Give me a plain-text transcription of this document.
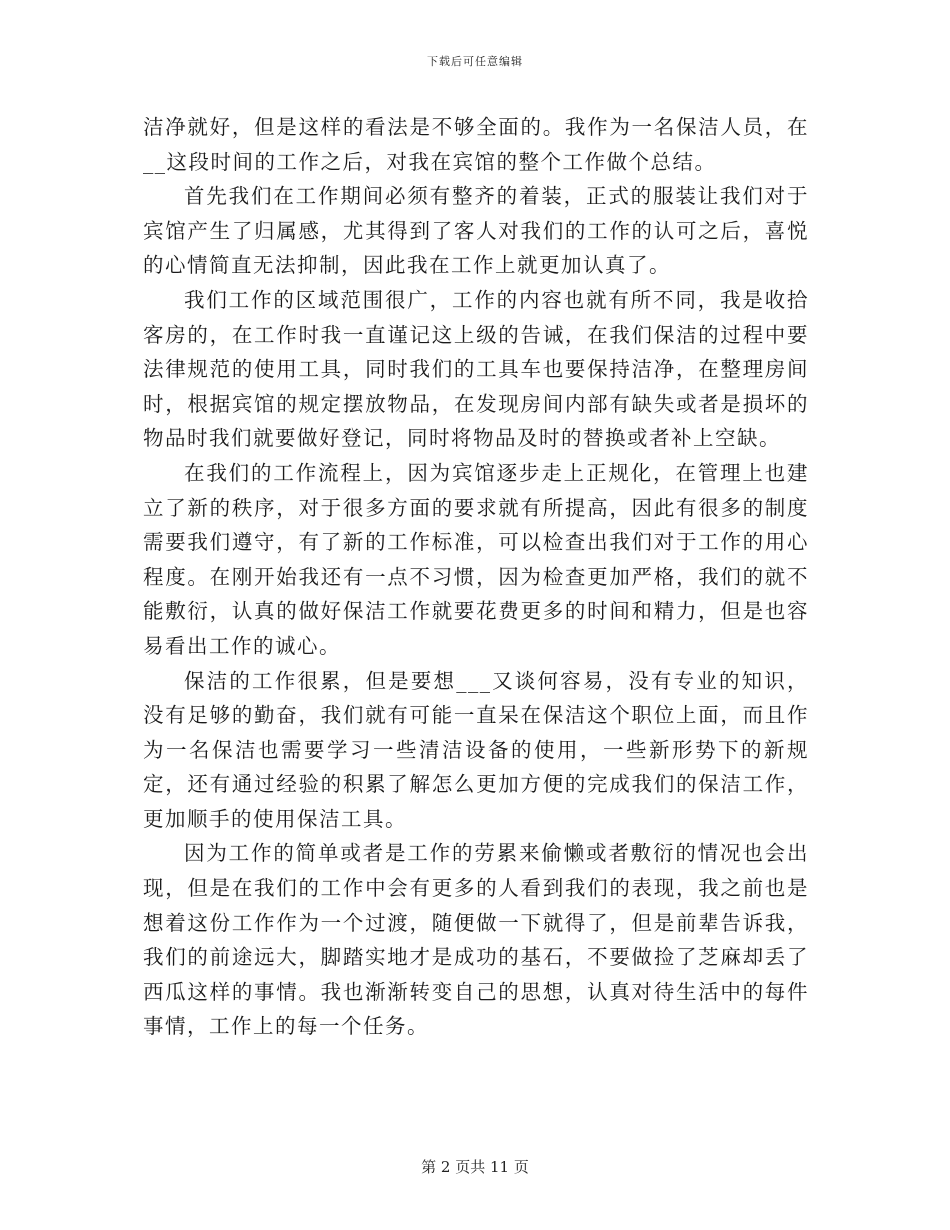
下载后可任意编辑

洁净就好，但是这样的看法是不够全面的。我作为一名保洁人员，在__这段时间的工作之后，对我在宾馆的整个工作做个总结。

首先我们在工作期间必须有整齐的着装，正式的服装让我们对于宾馆产生了归属感，尤其得到了客人对我们的工作的认可之后，喜悦的心情简直无法抑制，因此我在工作上就更加认真了。

我们工作的区域范围很广，工作的内容也就有所不同，我是收拾客房的，在工作时我一直谨记这上级的告诫，在我们保洁的过程中要法律规范的使用工具，同时我们的工具车也要保持洁净，在整理房间时，根据宾馆的规定摆放物品，在发现房间内部有缺失或者是损坏的物品时我们就要做好登记，同时将物品及时的替换或者补上空缺。

在我们的工作流程上，因为宾馆逐步走上正规化，在管理上也建立了新的秩序，对于很多方面的要求就有所提高，因此有很多的制度需要我们遵守，有了新的工作标准，可以检查出我们对于工作的用心程度。在刚开始我还有一点不习惯，因为检查更加严格，我们的就不能敷衍，认真的做好保洁工作就要花费更多的时间和精力，但是也容易看出工作的诚心。

保洁的工作很累，但是要想___又谈何容易，没有专业的知识，没有足够的勤奋，我们就有可能一直呆在保洁这个职位上面，而且作为一名保洁也需要学习一些清洁设备的使用，一些新形势下的新规定，还有通过经验的积累了解怎么更加方便的完成我们的保洁工作，更加顺手的使用保洁工具。

因为工作的简单或者是工作的劳累来偷懒或者敷衍的情况也会出现，但是在我们的工作中会有更多的人看到我们的表现，我之前也是想着这份工作作为一个过渡，随便做一下就得了，但是前辈告诉我，我们的前途远大，脚踏实地才是成功的基石，不要做捡了芝麻却丢了西瓜这样的事情。我也渐渐转变自己的思想，认真对待生活中的每件事情，工作上的每一个任务。

第 2 页共 11 页
